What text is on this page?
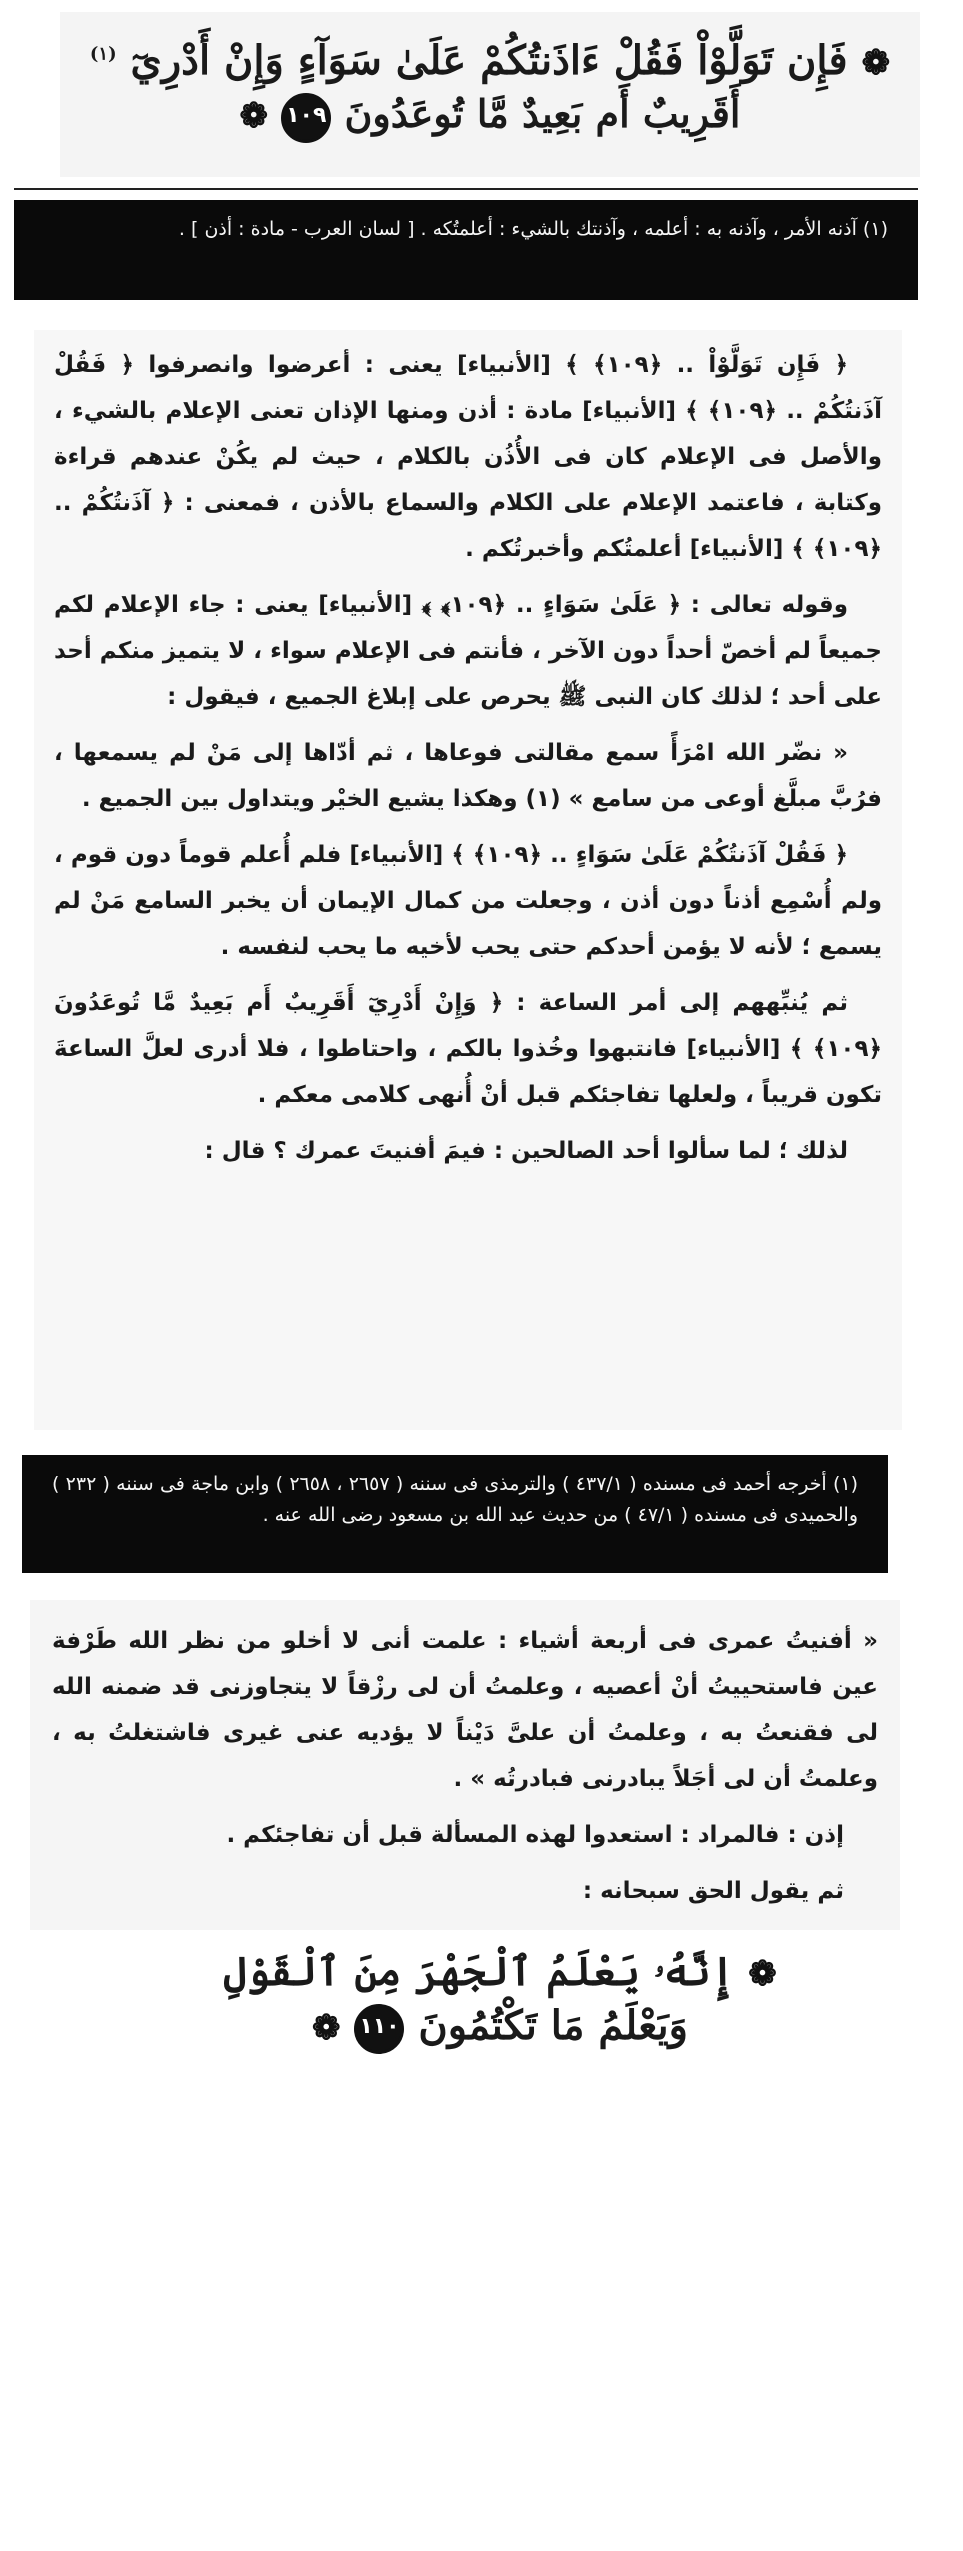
❁ فَإِن تَوَلَّوْاْ فَقُلْ ءَاذَنتُكُمْ عَلَىٰ سَوَآءٍ وَإِنْ أَدْرِيٓ $^{(١)}$

أَقَرِيبٌ أَم بَعِيدٌ مَّا تُوعَدُونَ ١٠٩ ❁

(١) آذنه الأمر ، وآذنه به : أعلمه ، وآذنتك بالشيء : أعلمتُكه . [ لسان العرب - مادة : أذن ] .

﴿ فَإِن تَوَلَّوْاْ .. ﴿١٠٩﴾ ﴾ [الأنبياء] يعنى : أعرضوا وانصرفوا ﴿ فَقُلْ آذَنتُكُمْ .. ﴿١٠٩﴾ ﴾ [الأنبياء] مادة : أذن ومنها الإذان تعنى الإعلام بالشيء ، والأصل فى الإعلام كان فى الأُذُن بالكلام ، حيث لم يكُنْ عندهم قراءة وكتابة ، فاعتمد الإعلام على الكلام والسماع بالأذن ، فمعنى : ﴿ آذَنتُكُمْ .. ﴿١٠٩﴾ ﴾ [الأنبياء] أعلمتُكم وأخبرتُكم .

وقوله تعالى : ﴿ عَلَىٰ سَوَاءٍ .. ﴿١٠٩﴾ ﴾ [الأنبياء] يعنى : جاء الإعلام لكم جميعاً لم أخصّ أحداً دون الآخر ، فأنتم فى الإعلام سواء ، لا يتميز منكم أحد على أحد ؛ لذلك كان النبى ﷺ يحرص على إبلاغ الجميع ، فيقول :

« نضّر الله امْرَأً سمع مقالتى فوعاها ، ثم أدّاها إلى مَنْ لم يسمعها ، فرُبَّ مبلَّغ أوعى من سامع » (١) وهكذا يشيع الخيْر ويتداول بين الجميع .

﴿ فَقُلْ آذَنتُكُمْ عَلَىٰ سَوَاءٍ .. ﴿١٠٩﴾ ﴾ [الأنبياء] فلم أُعلم قوماً دون قوم ، ولم أُسْمِع أذناً دون أذن ، وجعلت من كمال الإيمان أن يخبر السامع مَنْ لم يسمع ؛ لأنه لا يؤمن أحدكم حتى يحب لأخيه ما يحب لنفسه .

ثم يُنبِّههم إلى أمر الساعة : ﴿ وَإِنْ أَدْرِيٓ أَقَرِيبٌ أَم بَعِيدٌ مَّا تُوعَدُونَ ﴿١٠٩﴾ ﴾ [الأنبياء] فانتبهوا وخُذوا بالكم ، واحتاطوا ، فلا أدرى لعلَّ الساعةَ تكون قريباً ، ولعلها تفاجئكم قبل أنْ أُنهى كلامى معكم .

لذلك ؛ لما سألوا أحد الصالحين : فيمَ أفنيتَ عمرك ؟ قال :

(١) أخرجه أحمد فى مسنده ( ٤٣٧/١ ) والترمذى فى سننه ( ٢٦٥٧ ، ٢٦٥٨ ) وابن ماجة فى سننه ( ٢٣٢ ) والحميدى فى مسنده ( ٤٧/١ ) من حديث عبد الله بن مسعود رضى الله عنه .

« أفنيتُ عمرى فى أربعة أشياء : علمت أنى لا أخلو من نظر الله طَرْفة عين فاستحييتُ أنْ أعصيه ، وعلمتُ أن لى رزْقاً لا يتجاوزنى قد ضمنه الله لى فقنعتُ به ، وعلمتُ أن علىَّ دَيْناً لا يؤديه عنى غيرى فاشتغلتُ به ، وعلمتُ أن لى أجَلاً يبادرنى فبادرتُه » .

إذن : فالمراد : استعدوا لهذه المسألة قبل أن تفاجئكم .

ثم يقول الحق سبحانه :

❁ إِنَّهُۥ يَعْلَمُ ٱلْجَهْرَ مِنَ ٱلْقَوْلِ

وَيَعْلَمُ مَا تَكْتُمُونَ ١١٠ ❁
